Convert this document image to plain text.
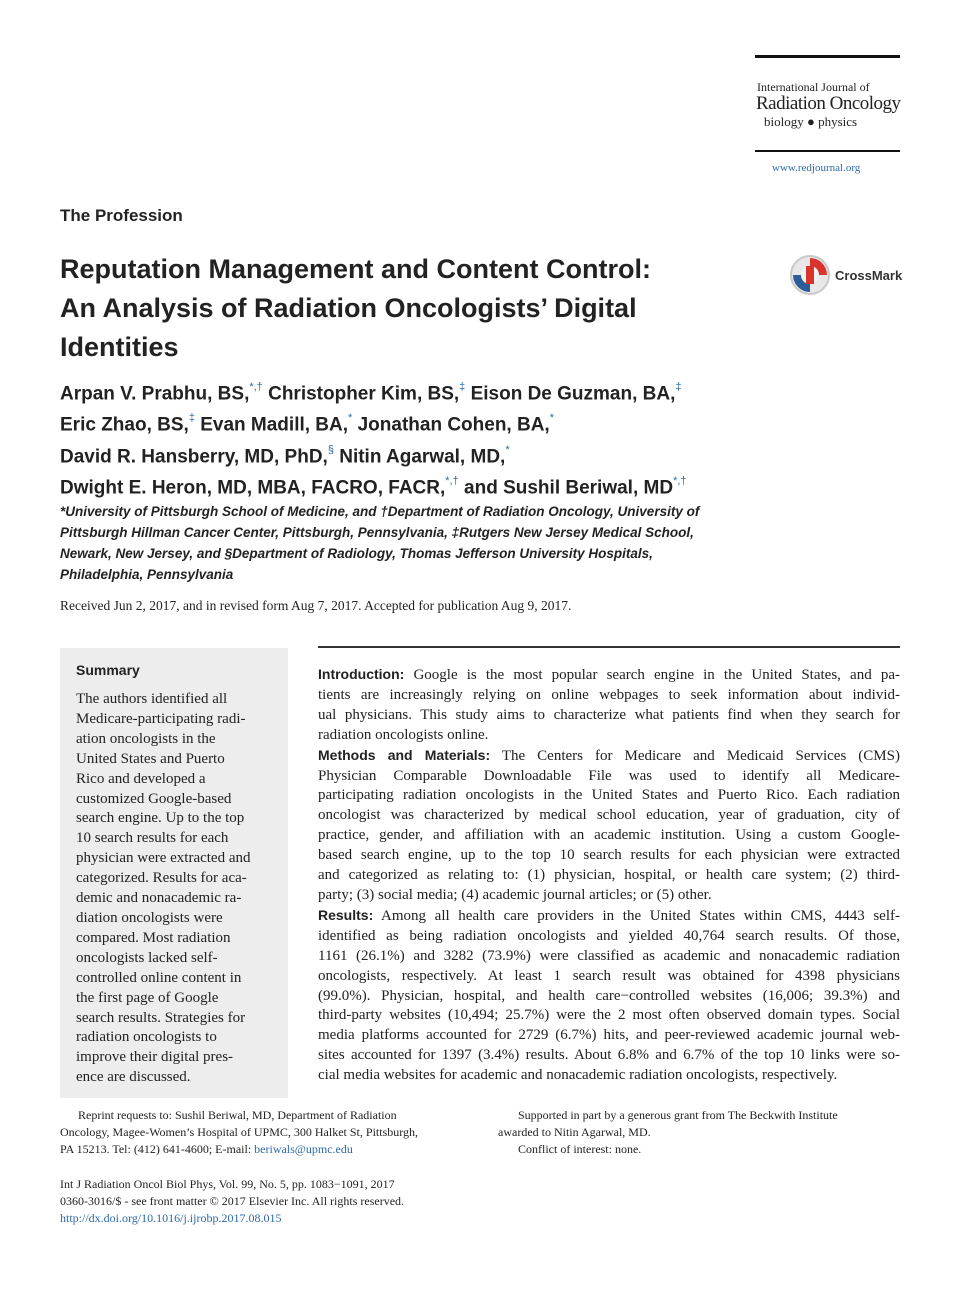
International Journal of
Radiation Oncology
biology ● physics
www.redjournal.org
The Profession
Reputation Management and Content Control:
An Analysis of Radiation Oncologists’ Digital
Identities
CrossMark
Arpan V. Prabhu, BS,*,† Christopher Kim, BS,‡ Eison De Guzman, BA,‡
Eric Zhao, BS,‡ Evan Madill, BA,* Jonathan Cohen, BA,*
David R. Hansberry, MD, PhD,§ Nitin Agarwal, MD,*
Dwight E. Heron, MD, MBA, FACRO, FACR,*,† and Sushil Beriwal, MD*,†
*University of Pittsburgh School of Medicine, and †Department of Radiation Oncology, University of
Pittsburgh Hillman Cancer Center, Pittsburgh, Pennsylvania, ‡Rutgers New Jersey Medical School,
Newark, New Jersey, and §Department of Radiology, Thomas Jefferson University Hospitals,
Philadelphia, Pennsylvania
Received Jun 2, 2017, and in revised form Aug 7, 2017. Accepted for publication Aug 9, 2017.
Summary
The authors identified all
Medicare-participating radi-
ation oncologists in the
United States and Puerto
Rico and developed a
customized Google-based
search engine. Up to the top
10 search results for each
physician were extracted and
categorized. Results for aca-
demic and nonacademic ra-
diation oncologists were
compared. Most radiation
oncologists lacked self-
controlled online content in
the first page of Google
search results. Strategies for
radiation oncologists to
improve their digital pres-
ence are discussed.
Introduction: Google is the most popular search engine in the United States, and pa-
tients are increasingly relying on online webpages to seek information about individ-
ual physicians. This study aims to characterize what patients find when they search for
radiation oncologists online.
Methods and Materials: The Centers for Medicare and Medicaid Services (CMS)
Physician Comparable Downloadable File was used to identify all Medicare-
participating radiation oncologists in the United States and Puerto Rico. Each radiation
oncologist was characterized by medical school education, year of graduation, city of
practice, gender, and affiliation with an academic institution. Using a custom Google-
based search engine, up to the top 10 search results for each physician were extracted
and categorized as relating to: (1) physician, hospital, or health care system; (2) third-
party; (3) social media; (4) academic journal articles; or (5) other.
Results: Among all health care providers in the United States within CMS, 4443 self-
identified as being radiation oncologists and yielded 40,764 search results. Of those,
1161 (26.1%) and 3282 (73.9%) were classified as academic and nonacademic radiation
oncologists, respectively. At least 1 search result was obtained for 4398 physicians
(99.0%). Physician, hospital, and health care−controlled websites (16,006; 39.3%) and
third-party websites (10,494; 25.7%) were the 2 most often observed domain types. Social
media platforms accounted for 2729 (6.7%) hits, and peer-reviewed academic journal web-
sites accounted for 1397 (3.4%) results. About 6.8% and 6.7% of the top 10 links were so-
cial media websites for academic and nonacademic radiation oncologists, respectively.
Reprint requests to: Sushil Beriwal, MD, Department of Radiation
Oncology, Magee-Women’s Hospital of UPMC, 300 Halket St, Pittsburgh,
PA 15213. Tel: (412) 641-4600; E-mail: beriwals@upmc.edu
Supported in part by a generous grant from The Beckwith Institute
awarded to Nitin Agarwal, MD.
Conflict of interest: none.
Int J Radiation Oncol Biol Phys, Vol. 99, No. 5, pp. 1083−1091, 2017
0360-3016/$ - see front matter © 2017 Elsevier Inc. All rights reserved.
http://dx.doi.org/10.1016/j.ijrobp.2017.08.015
